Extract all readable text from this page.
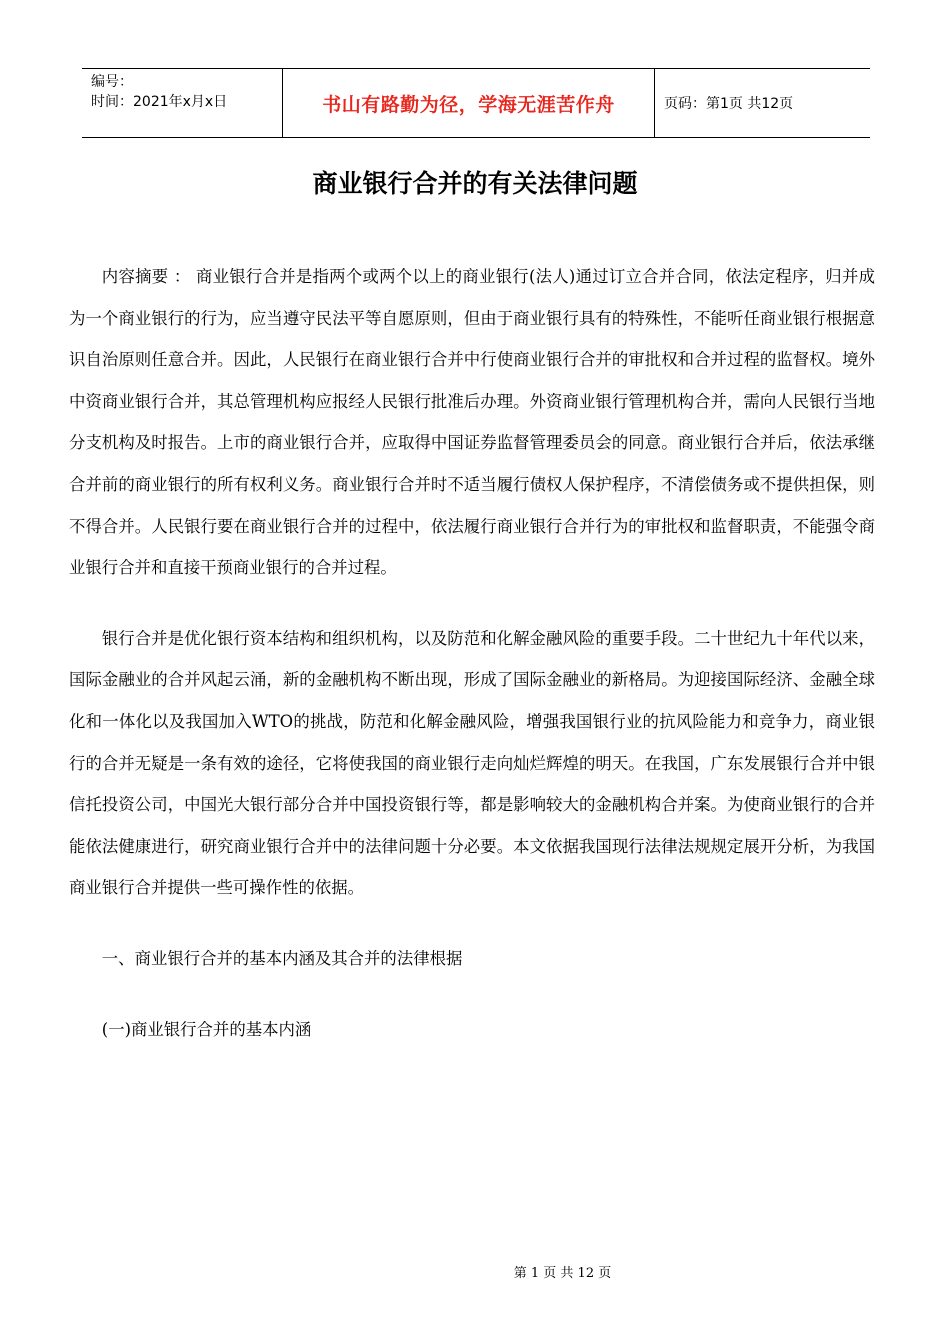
编号：
时间：2021年x月x日	书山有路勤为径，学海无涯苦作舟	页码：第1页 共12页
商业银行合并的有关法律问题

内容摘要 ： 商业银行合并是指两个或两个以上的商业银行(法人)通过订立合并合同，依法定程序，归并成为一个商业银行的行为，应当遵守民法平等自愿原则，但由于商业银行具有的特殊性，不能听任商业银行根据意识自治原则任意合并。因此，人民银行在商业银行合并中行使商业银行合并的审批权和合并过程的监督权。境外中资商业银行合并，其总管理机构应报经人民银行批准后办理。外资商业银行管理机构合并，需向人民银行当地分支机构及时报告。上市的商业银行合并，应取得中国证券监督管理委员会的同意。商业银行合并后，依法承继合并前的商业银行的所有权利义务。商业银行合并时不适当履行债权人保护程序，不清偿债务或不提供担保，则不得合并。人民银行要在商业银行合并的过程中，依法履行商业银行合并行为的审批权和监督职责，不能强令商业银行合并和直接干预商业银行的合并过程。

银行合并是优化银行资本结构和组织机构，以及防范和化解金融风险的重要手段。二十世纪九十年代以来，国际金融业的合并风起云涌，新的金融机构不断出现，形成了国际金融业的新格局。为迎接国际经济、金融全球化和一体化以及我国加入WTO的挑战，防范和化解金融风险，增强我国银行业的抗风险能力和竞争力，商业银行的合并无疑是一条有效的途径，它将使我国的商业银行走向灿烂辉煌的明天。在我国，广东发展银行合并中银信托投资公司，中国光大银行部分合并中国投资银行等，都是影响较大的金融机构合并案。为使商业银行的合并能依法健康进行，研究商业银行合并中的法律问题十分必要。本文依据我国现行法律法规规定展开分析，为我国商业银行合并提供一些可操作性的依据。

一、商业银行合并的基本内涵及其合并的法律根据

(一)商业银行合并的基本内涵

第 1 页 共 12 页
